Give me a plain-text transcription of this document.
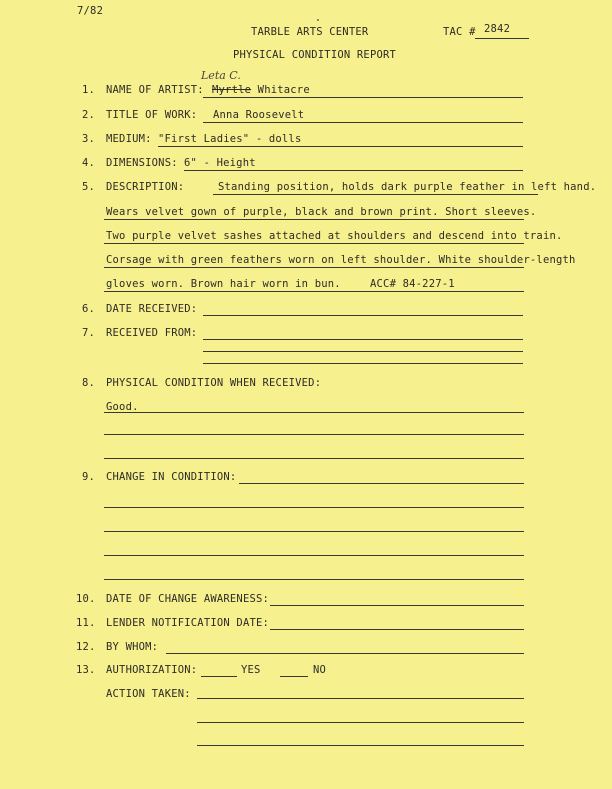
7/82
TARBLE ARTS CENTER	TAC # 2842
PHYSICAL CONDITION REPORT
Leta C.
1. NAME OF ARTIST: Myrtle Whitacre
2. TITLE OF WORK: Anna Roosevelt
3. MEDIUM: "First Ladies" - dolls
4. DIMENSIONS: 6" - Height
5. DESCRIPTION:	Standing position, holds dark purple feather in left hand.
Wears velvet gown of purple, black and brown print. Short sleeves.
Two purple velvet sashes attached at shoulders and descend into train.
Corsage with green feathers worn on left shoulder. White shoulder-length
gloves worn. Brown hair worn in bun.	ACC# 84-227-1
6. DATE RECEIVED:
7. RECEIVED FROM:
8. PHYSICAL CONDITION WHEN RECEIVED:
Good.
9. CHANGE IN CONDITION:
10. DATE OF CHANGE AWARENESS:
11. LENDER NOTIFICATION DATE:
12. BY WHOM:
13. AUTHORIZATION:	YES	NO
ACTION TAKEN:
